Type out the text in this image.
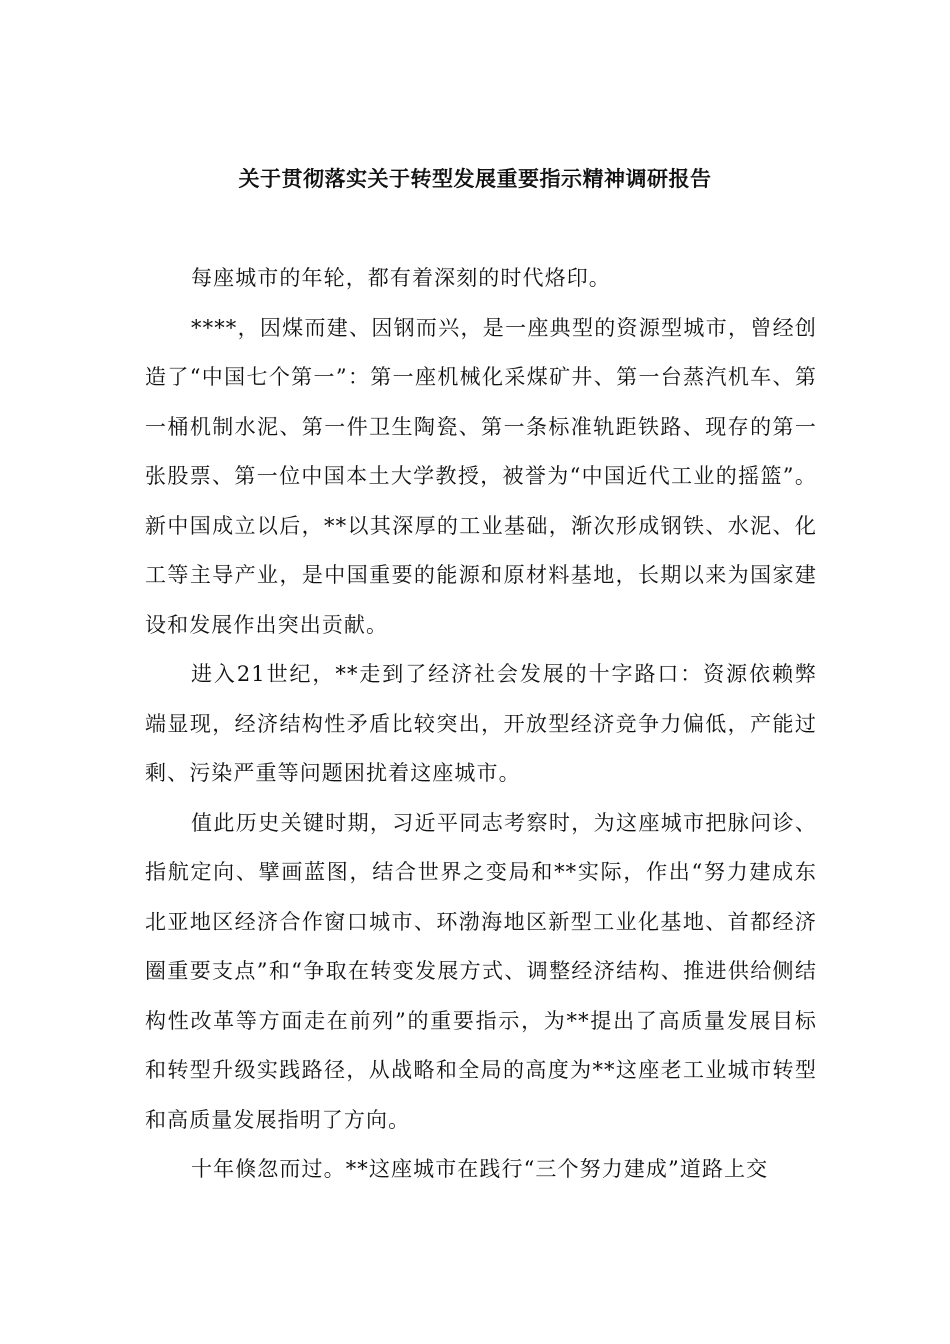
关于贯彻落实关于转型发展重要指示精神调研报告

每座城市的年轮，都有着深刻的时代烙印。

****，因煤而建、因钢而兴，是一座典型的资源型城市，曾经创造了“中国七个第一”：第一座机械化采煤矿井、第一台蒸汽机车、第一桶机制水泥、第一件卫生陶瓷、第一条标准轨距铁路、现存的第一张股票、第一位中国本土大学教授，被誉为“中国近代工业的摇篮”。新中国成立以后，**以其深厚的工业基础，渐次形成钢铁、水泥、化工等主导产业，是中国重要的能源和原材料基地，长期以来为国家建设和发展作出突出贡献。

进入21世纪，**走到了经济社会发展的十字路口：资源依赖弊端显现，经济结构性矛盾比较突出，开放型经济竞争力偏低，产能过剩、污染严重等问题困扰着这座城市。

值此历史关键时期，习近平同志考察时，为这座城市把脉问诊、指航定向、擘画蓝图，结合世界之变局和**实际，作出“努力建成东北亚地区经济合作窗口城市、环渤海地区新型工业化基地、首都经济圈重要支点”和“争取在转变发展方式、调整经济结构、推进供给侧结构性改革等方面走在前列”的重要指示，为**提出了高质量发展目标和转型升级实践路径，从战略和全局的高度为**这座老工业城市转型和高质量发展指明了方向。

十年倏忽而过。**这座城市在践行“三个努力建成”道路上交
